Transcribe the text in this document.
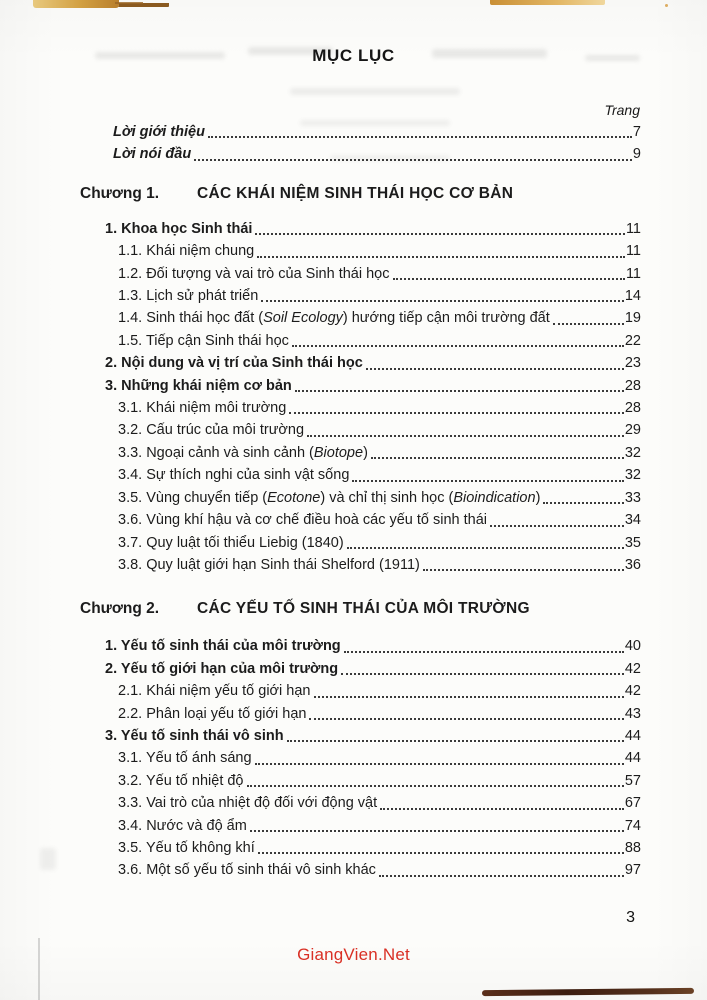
MỤC LỤC
Trang
Lời giới thiệu	7
Lời nói đầu	9
Chương 1.	CÁC KHÁI NIỆM SINH THÁI HỌC CƠ BẢN
1. Khoa học Sinh thái	11
1.1. Khái niệm chung	11
1.2. Đối tượng và vai trò của Sinh thái học	11
1.3. Lịch sử phát triển	14
1.4. Sinh thái học đất (Soil Ecology) hướng tiếp cận môi trường đất	19
1.5. Tiếp cận Sinh thái học	22
2. Nội dung và vị trí của Sinh thái học	23
3. Những khái niệm cơ bản	28
3.1. Khái niệm môi trường	28
3.2. Cấu trúc của môi trường	29
3.3. Ngoại cảnh và sinh cảnh (Biotope)	32
3.4. Sự thích nghi của sinh vật sống	32
3.5. Vùng chuyển tiếp (Ecotone) và chỉ thị sinh học (Bioindication)	33
3.6. Vùng khí hậu và cơ chế điều hoà các yếu tố sinh thái	34
3.7. Quy luật tối thiểu Liebig (1840)	35
3.8. Quy luật giới hạn Sinh thái Shelford (1911)	36
Chương 2.	CÁC YẾU TỐ SINH THÁI CỦA MÔI TRƯỜNG
1. Yếu tố sinh thái của môi trường	40
2. Yếu tố giới hạn của môi trường	42
2.1. Khái niệm yếu tố giới hạn	42
2.2. Phân loại yếu tố giới hạn	43
3. Yếu tố sinh thái vô sinh	44
3.1. Yếu tố ánh sáng	44
3.2. Yếu tố nhiệt độ	57
3.3. Vai trò của nhiệt độ đối với động vật	67
3.4. Nước và độ ẩm	74
3.5. Yếu tố không khí	88
3.6. Một số yếu tố sinh thái vô sinh khác	97
3
GiangVien.Net
